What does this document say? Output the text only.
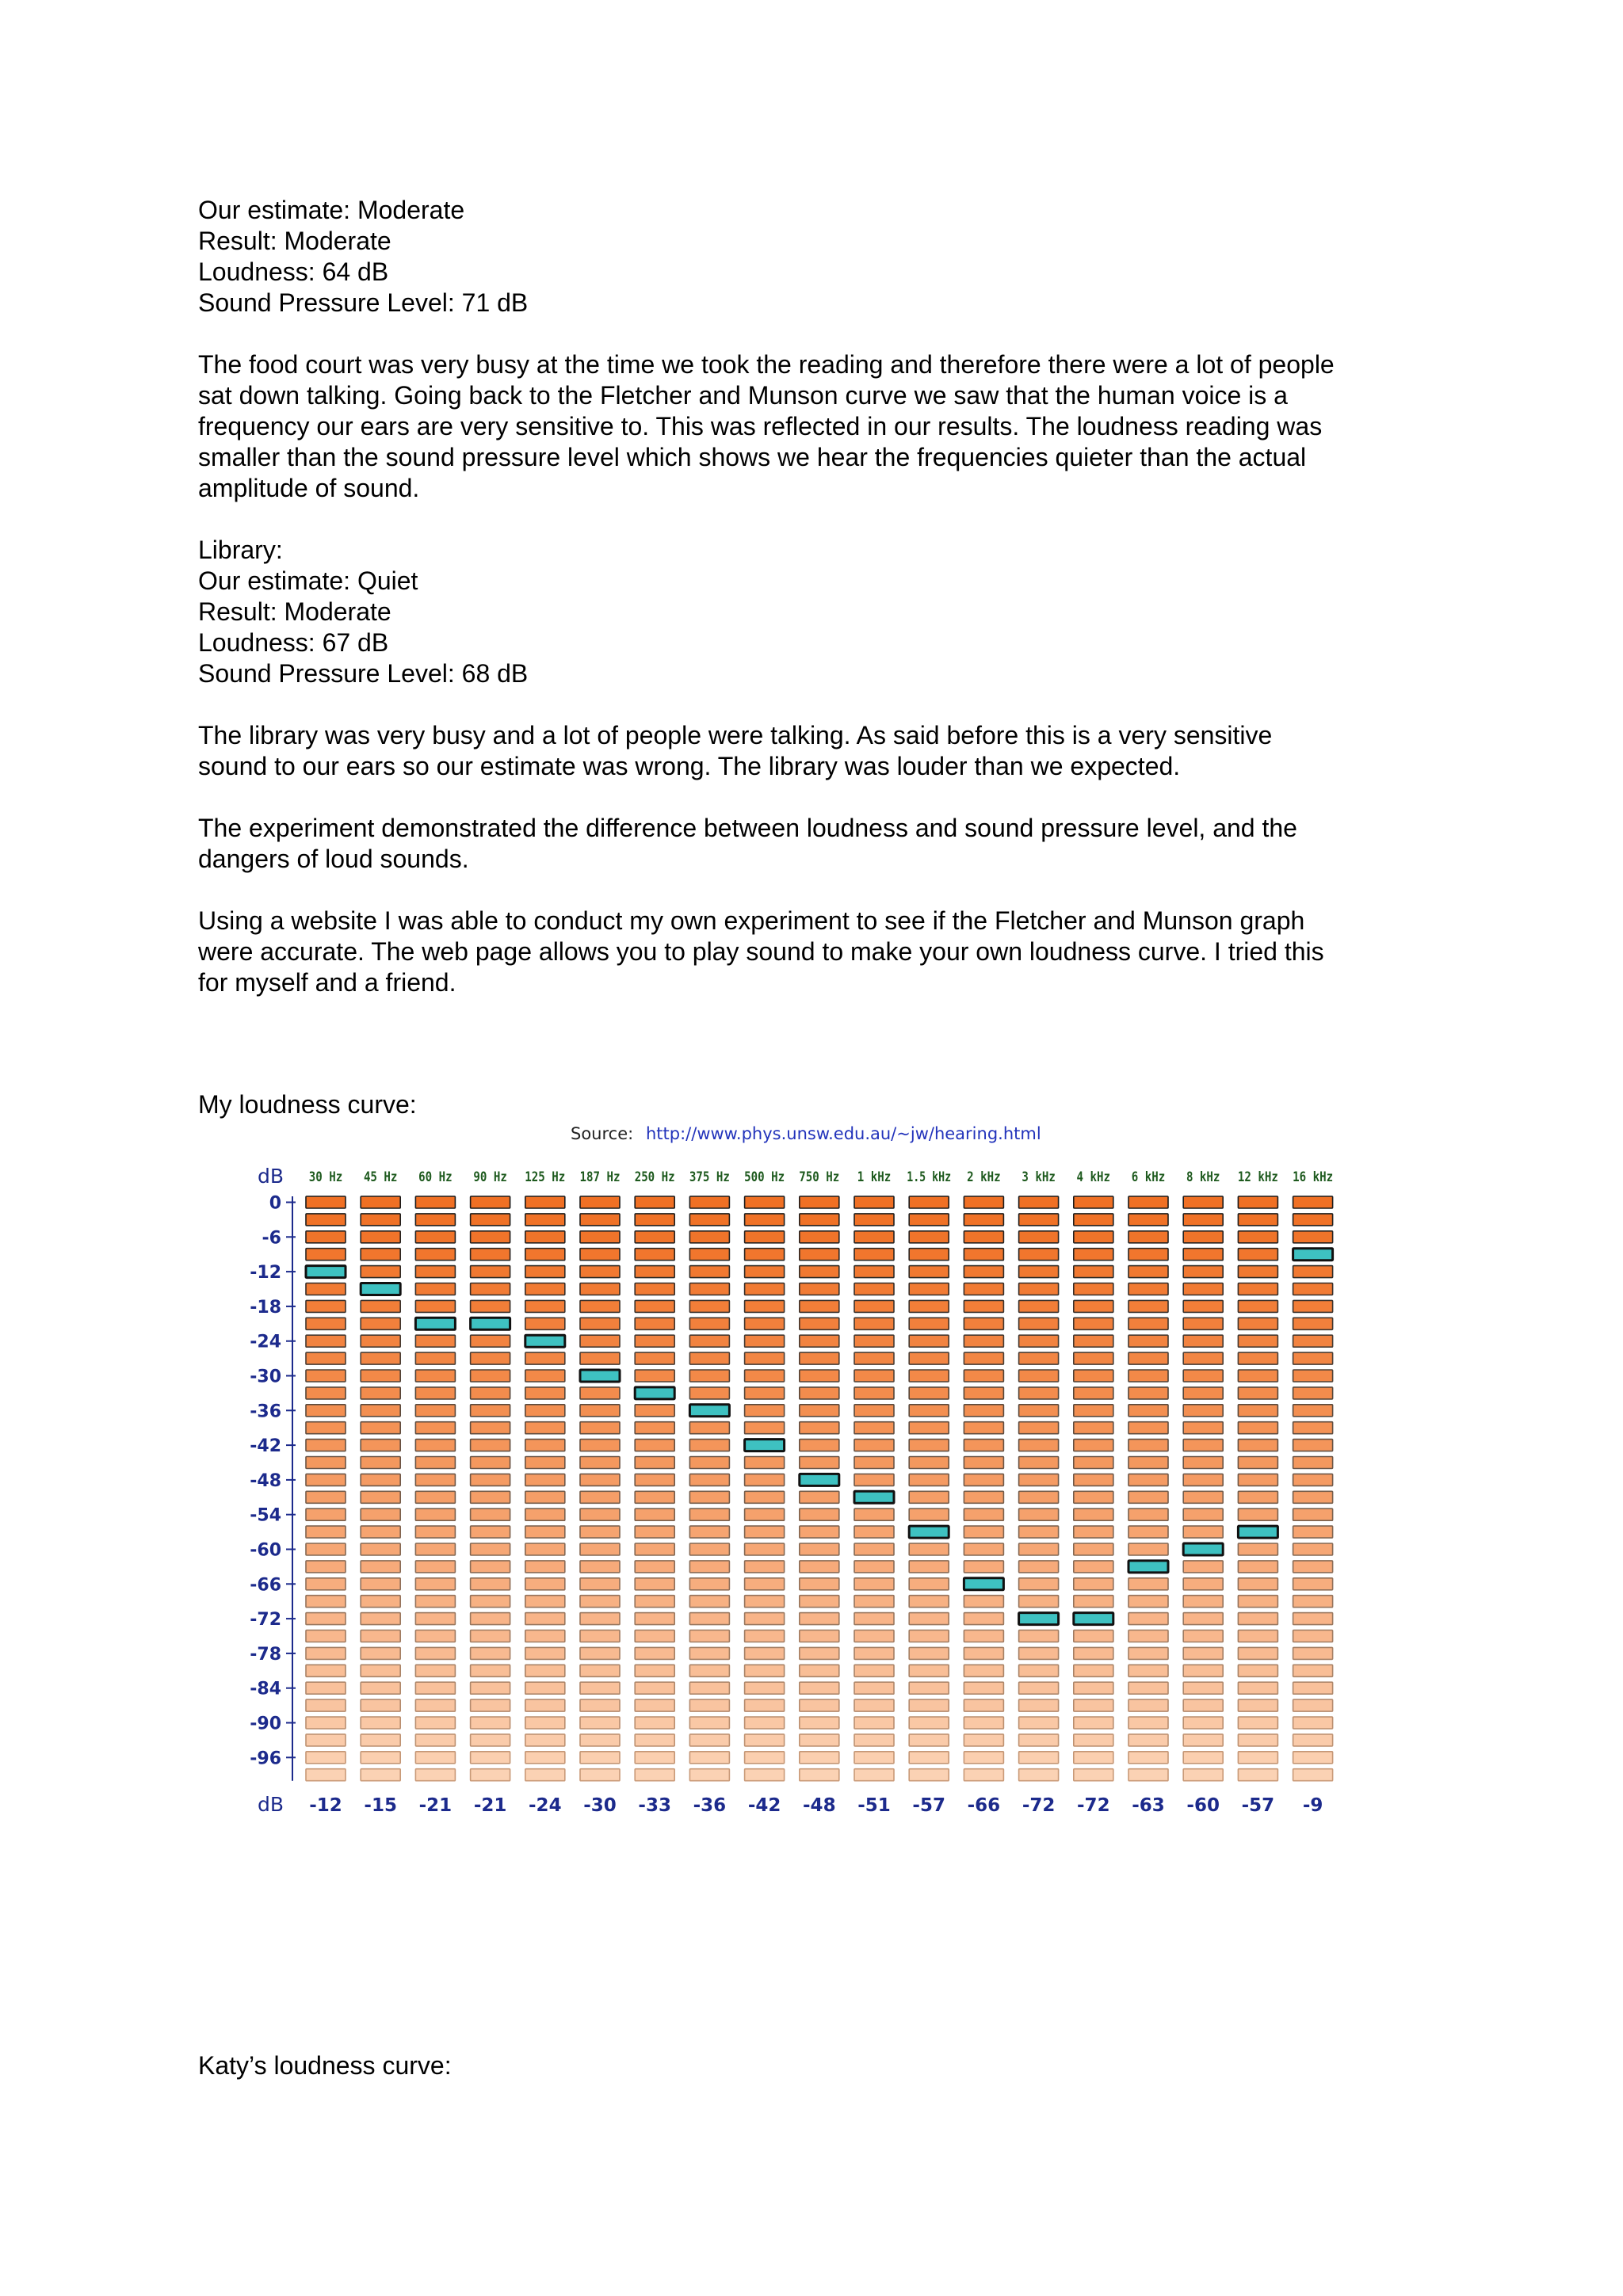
Our estimate: Moderate
Result: Moderate
Loudness: 64 dB
Sound Pressure Level: 71 dB
The food court was very busy at the time we took the reading and therefore there were a lot of people
sat down talking. Going back to the Fletcher and Munson curve we saw that the human voice is a
frequency our ears are very sensitive to. This was reflected in our results. The loudness reading was
smaller than the sound pressure level which shows we hear the frequencies quieter than the actual
amplitude of sound.
Library:
Our estimate: Quiet
Result: Moderate
Loudness: 67 dB
Sound Pressure Level: 68 dB
The library was very busy and a lot of people were talking. As said before this is a very sensitive
sound to our ears so our estimate was wrong. The library was louder than we expected.
The experiment demonstrated the difference between loudness and sound pressure level, and the
dangers of loud sounds.
Using a website I was able to conduct my own experiment to see if the Fletcher and Munson graph
were accurate. The web page allows you to play sound to make your own loudness curve. I tried this
for myself and a friend.
My loudness curve:
Source: http://www.phys.unsw.edu.au/~jw/hearing.html
dB
dB
0
-6
-12
-18
-24
-30
-36
-42
-48
-54
-60
-66
-72
-78
-84
-90
-96
30 Hz
-12
45 Hz
-15
60 Hz
-21
90 Hz
-21
125 Hz
-24
187 Hz
-30
250 Hz
-33
375 Hz
-36
500 Hz
-42
750 Hz
-48
1 kHz
-51
1.5 kHz
-57
2 kHz
-66
3 kHz
-72
4 kHz
-72
6 kHz
-63
8 kHz
-60
12 kHz
-57
16 kHz
-9
Katy’s loudness curve:
